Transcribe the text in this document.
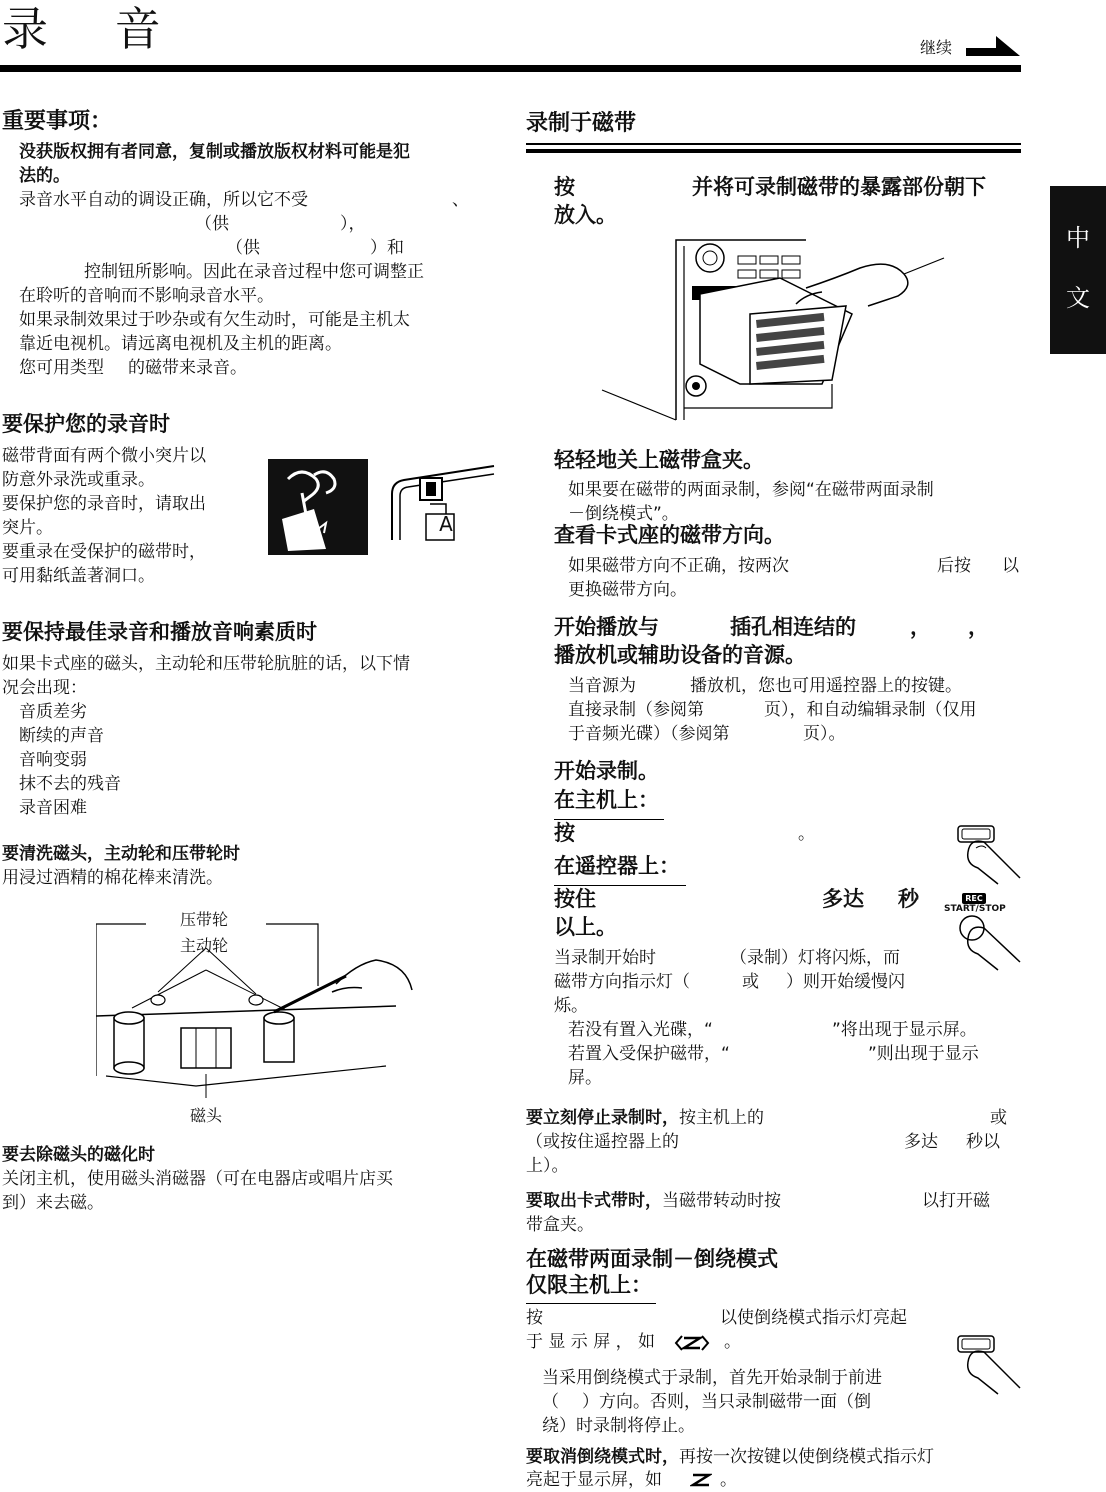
录 音	继续
中
文
重要事项：
没获版权拥有者同意，复制或播放版权材料可能是犯
法的。
录音水平自动的调设正确，所以它不受	、
（供	），
（供	）和
控制钮所影响。因此在录音过程中您可调整正
在聆听的音响而不影响录音水平。
如果录制效果过于吵杂或有欠生动时，可能是主机太
靠近电视机。请远离电视机及主机的距离。
您可用类型 的磁带来录音。
要保护您的录音时
磁带背面有两个微小突片以
防意外录洗或重录。
要保护您的录音时，请取出
突片。
要重录在受保护的磁带时，
可用黏纸盖著洞口。
A
要保持最佳录音和播放音响素质时
如果卡式座的磁头，主动轮和压带轮肮脏的话，以下情
况会出现：
音质差劣
断续的声音
音响变弱
抹不去的残音
录音困难
要清洗磁头，主动轮和压带轮时
用浸过酒精的棉花棒来清洗。
压带轮
主动轮
磁头
要去除磁头的磁化时
关闭主机，使用磁头消磁器（可在电器店或唱片店买
到）来去磁。
录制于磁带
按	并将可录制磁带的暴露部份朝下
放入。
轻轻地关上磁带盒夹。
如果要在磁带的两面录制，参阅“在磁带两面录制
－倒绕模式”。
查看卡式座的磁带方向。
如果磁带方向不正确，按两次	后按 以
更换磁带方向。
开始播放与	插孔相连结的	， ，
播放机或辅助设备的音源。
当音源为	播放机，您也可用遥控器上的按键。
直接录制（参阅第	页），和自动编辑录制（仅用
于音频光碟）（参阅第	页）。
开始录制。
在主机上：
按	。
在遥控器上：
按住	多达 秒
以上。
REC
START/STOP
当录制开始时	（录制）灯将闪烁，而
磁带方向指示灯（	或 ）则开始缓慢闪
烁。
若没有置入光碟，“	”将出现于显示屏。
若置入受保护磁带，“	”则出现于显示
屏。
要立刻停止录制时，按主机上的	或
（或按住遥控器上的	多达 秒以
上）。
要取出卡式带时，当磁带转动时按	以打开磁
带盒夹。
在磁带两面录制－倒绕模式
仅限主机上：
按	以使倒绕模式指示灯亮起
于 显 示 屏 ， 如	。
当采用倒绕模式于录制，首先开始录制于前进
（ ）方向。否则，当只录制磁带一面（倒
绕）时录制将停止。
要取消倒绕模式时，再按一次按键以使倒绕模式指示灯
亮起于显示屏，如	。
